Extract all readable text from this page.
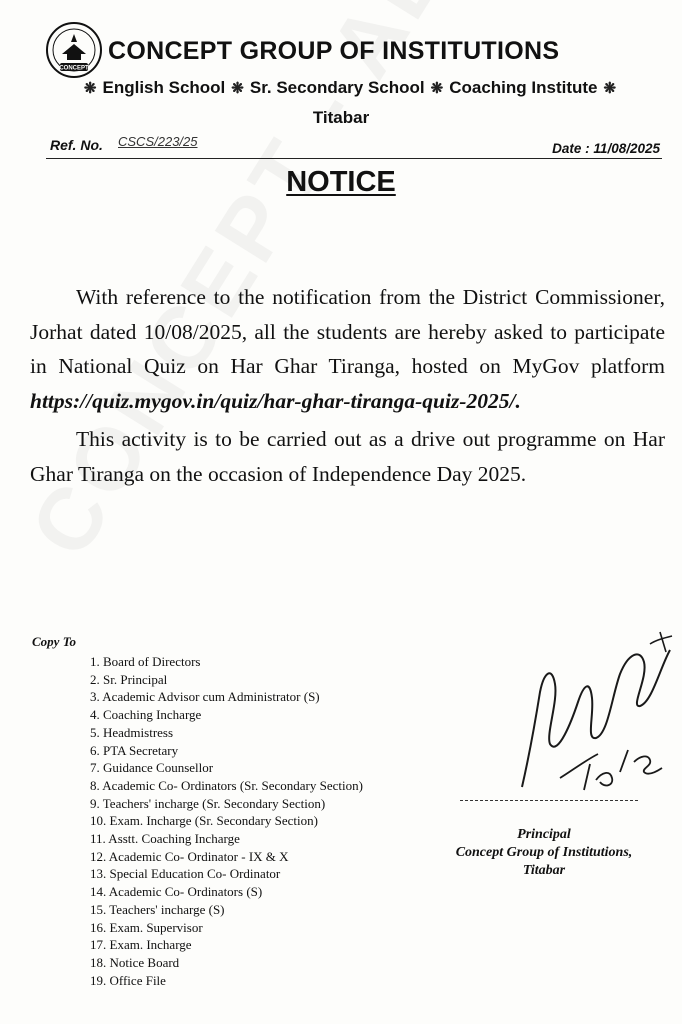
CONCEPT
CONCEPT GROUP OF INSTITUTIONS
❋ English School ❋ Sr. Secondary School ❋ Coaching Institute ❋
Titabar
Ref. No. CSCS/223/25	Date : 11/08/2025
NOTICE

With reference to the notification from the District Commissioner, Jorhat dated 10/08/2025, all the students are hereby asked to participate in National Quiz on Har Ghar Tiranga, hosted on MyGov platform https://quiz.mygov.in/quiz/har-ghar-tiranga-quiz-2025/.

This activity is to be carried out as a drive out programme on Har Ghar Tiranga on the occasion of Independence Day 2025.

Copy To
1. Board of Directors
2. Sr. Principal
3. Academic Advisor cum Administrator (S)
4. Coaching Incharge
5. Headmistress
6. PTA Secretary
7. Guidance Counsellor
8. Academic Co- Ordinators (Sr. Secondary Section)
9. Teachers' incharge (Sr. Secondary Section)
10. Exam. Incharge (Sr. Secondary Section)
11. Asstt. Coaching Incharge
12. Academic Co- Ordinator - IX & X
13. Special Education Co- Ordinator
14. Academic Co- Ordinators (S)
15. Teachers' incharge (S)
16. Exam. Supervisor
17. Exam. Incharge
18. Notice Board
19. Office File
Principal
Concept Group of Institutions,
Titabar
